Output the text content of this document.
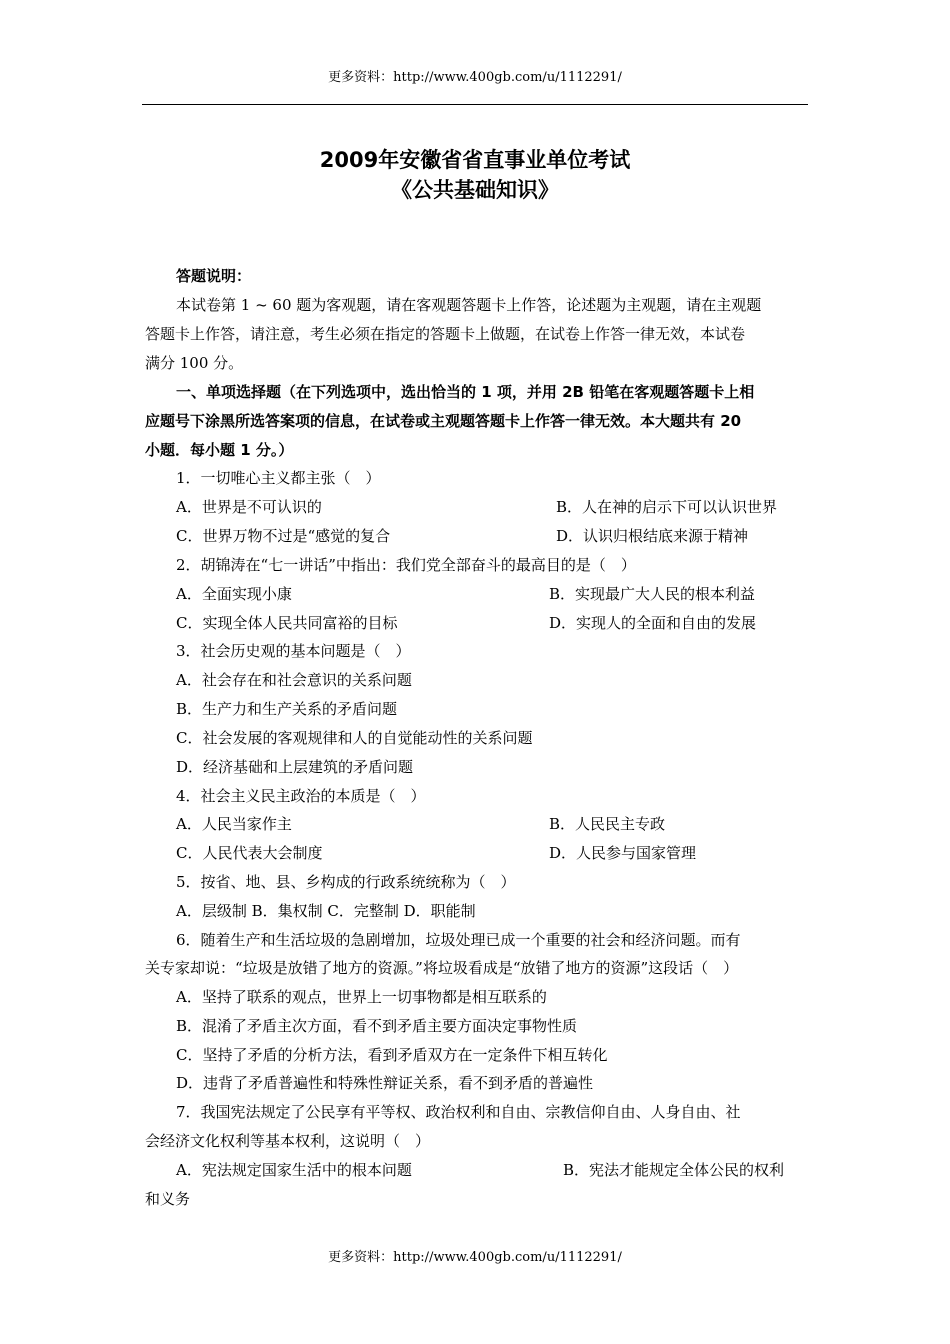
更多资料：http://www.400gb.com/u/1112291/
2009年安徽省省直事业单位考试
《公共基础知识》
答题说明：
本试卷第 1 ~ 60 题为客观题，请在客观题答题卡上作答，论述题为主观题，请在主观题
答题卡上作答，请注意，考生必须在指定的答题卡上做题，在试卷上作答一律无效，本试卷
满分 100 分。
一、单项选择题（在下列选项中，选出恰当的 1 项，并用 2B 铅笔在客观题答题卡上相
应题号下涂黑所选答案项的信息，在试卷或主观题答题卡上作答一律无效。本大题共有 20
小题．每小题 1 分。）
1．一切唯心主义都主张（　）
A．世界是不可认识的	B．人在神的启示下可以认识世界
C．世界万物不过是“感觉的复合	D．认识归根结底来源于精神
2．胡锦涛在“七一讲话”中指出：我们党全部奋斗的最高目的是（　）
A．全面实现小康	B．实现最广大人民的根本利益
C．实现全体人民共同富裕的目标	D．实现人的全面和自由的发展
3．社会历史观的基本问题是（　）
A．社会存在和社会意识的关系问题
B．生产力和生产关系的矛盾问题
C．社会发展的客观规律和人的自觉能动性的关系问题
D．经济基础和上层建筑的矛盾问题
4．社会主义民主政治的本质是（　）
A．人民当家作主	B．人民民主专政
C．人民代表大会制度	D．人民参与国家管理
5．按省、地、县、乡构成的行政系统统称为（　）
A．层级制 B．集权制 C．完整制 D．职能制
6．随着生产和生活垃圾的急剧增加，垃圾处理已成一个重要的社会和经济问题。而有
关专家却说：“垃圾是放错了地方的资源。”将垃圾看成是“放错了地方的资源”这段话（　）
A．坚持了联系的观点，世界上一切事物都是相互联系的
B．混淆了矛盾主次方面，看不到矛盾主要方面决定事物性质
C．坚持了矛盾的分析方法，看到矛盾双方在一定条件下相互转化
D．违背了矛盾普遍性和特殊性辩证关系，看不到矛盾的普遍性
7．我国宪法规定了公民享有平等权、政治权利和自由、宗教信仰自由、人身自由、社
会经济文化权利等基本权利，这说明（　）
A．宪法规定国家生活中的根本问题	B．宪法才能规定全体公民的权利
和义务
更多资料：http://www.400gb.com/u/1112291/
